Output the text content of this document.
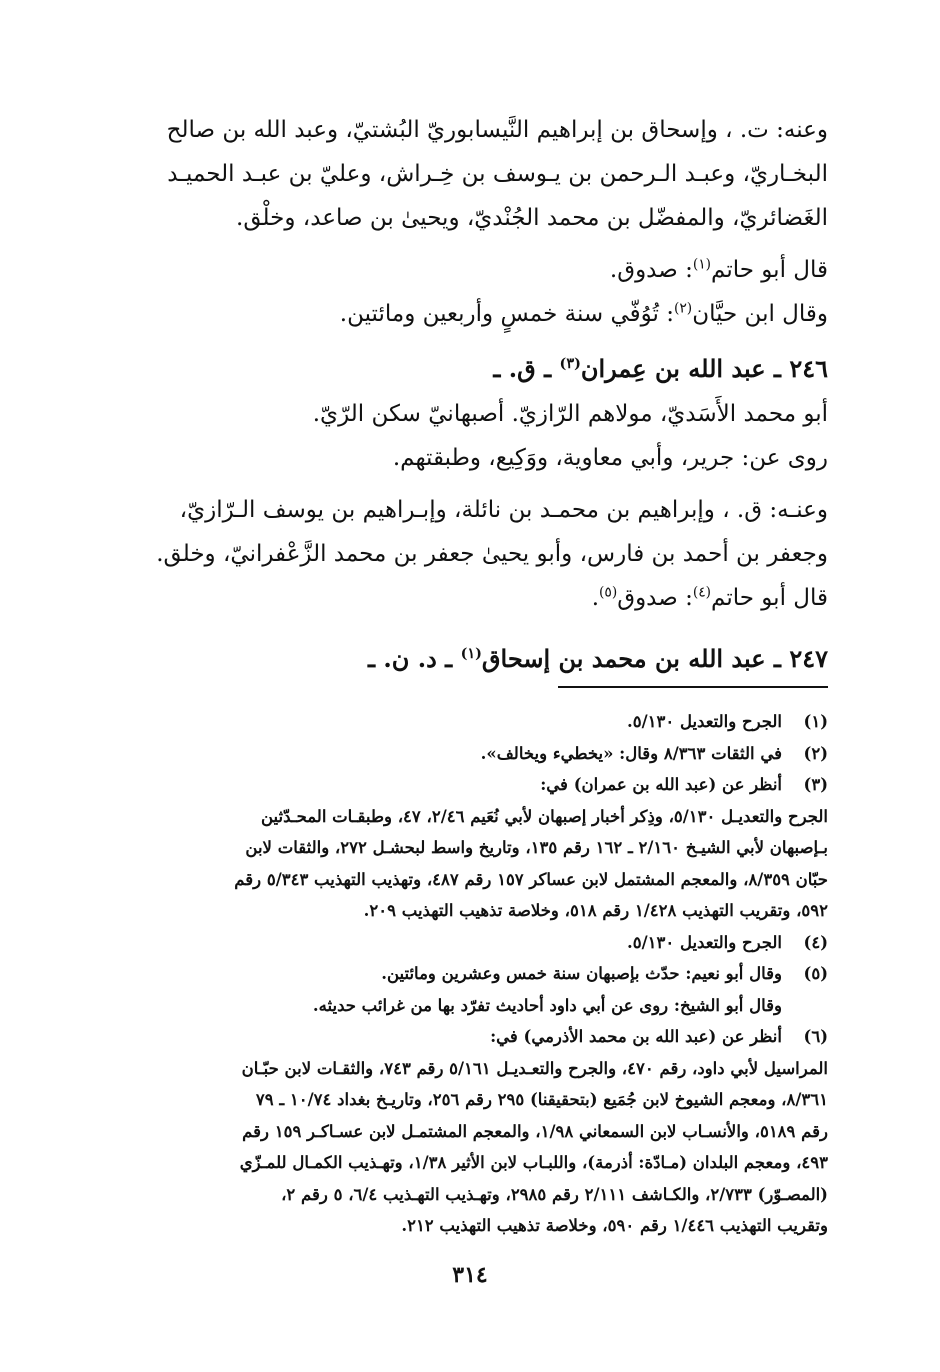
وعنه: ت. ، وإسحاق بن إبراهيم النَّيسابوريّ البُشتيّ، وعبد الله بن صالح
البخـاريّ، وعبـد الـرحمن بن يـوسف بن خِـراش، وعليّ بن عبـد الحميـد
الغَضائريّ، والمفضّل بن محمد الجُنْديّ، ويحيىٰ بن صاعد، وخلْق.

قال أبو حاتم$^{(١)}$: صدوق.

وقال ابن حيَّان$^{(٢)}$: تُوُفّي سنة خمسٍ وأربعين ومائتين.

٢٤٦ ـ عبد الله بن عِمران$^{(٣)}$ ـ ق. ـ

أبو محمد الأَسَديّ، مولاهم الرّازيّ. أصبهانيّ سكن الرّيّ.

روى عن: جرير، وأبي معاوية، ووَكِيع، وطبقتهم.

وعنـه: ق. ، وإبراهيم بن محمـد بن نائلة، وإبـراهيم بن يوسف الـرّازيّ،
وجعفر بن أحمد بن فارس، وأبو يحيىٰ جعفر بن محمد الزَّعْفرانيّ، وخلق.

قال أبو حاتم$^{(٤)}$: صدوق$^{(٥)}$.

٢٤٧ ـ عبد الله بن محمد بن إسحاق$^{(١)}$ ـ د. ن. ـ

(١)
الجرح والتعديل ٥/١٣٠.
(٢)
في الثقات ٨/٣٦٣ وقال: «يخطيء ويخالف».
(٣)
أنظر عن (عبد الله بن عمران) في:

الجرح والتعديـل ٥/١٣٠، وذِكر أخبار إصبهان لأبي نُعَيم ٢/٤٦، ٤٧، وطبقـات المحـدّثين

بـإصبهان لأبي الشيـخ ٢/١٦٠ ـ ١٦٢ رقم ١٣٥، وتاريخ واسط لبحشـل ٢٧٢، والثقات لابن

حبّان ٨/٣٥٩، والمعجم المشتمل لابن عساكر ١٥٧ رقم ٤٨٧، وتهذيب التهذيب ٥/٣٤٣ رقم

٥٩٢، وتقريب التهذيب ١/٤٢٨ رقم ٥١٨، وخلاصة تذهيب التهذيب ٢٠٩.

(٤)
الجرح والتعديل ٥/١٣٠.
(٥)
وقال أبو نعيم: حدّث بإصبهان سنة خمس وعشرين ومائتين.

وقال أبو الشيخ: روى عن أبي داود أحاديث تفرّد بها من غرائب حديثه.

(٦)
أنظر عن (عبد الله بن محمد الأذرمي) في:

المراسيل لأبي داود، رقم ٤٧٠، والجرح والتعـديـل ٥/١٦١ رقم ٧٤٣، والثقـات لابن حبّـان

٨/٣٦١، ومعجم الشيوخ لابن جُمَيع (بتحقيقنا) ٢٩٥ رقم ٢٥٦، وتاريـخ بغداد ١٠/٧٤ ـ ٧٩

رقم ٥١٨٩، والأنسـاب لابن السمعاني ١/٩٨، والمعجم المشتمـل لابن عسـاكـر ١٥٩ رقم

٤٩٣، ومعجم البلدان (مـادّة: أذرمة)، واللبـاب لابن الأثير ١/٣٨، وتهـذيب الكمـال للمـزّي

(المصـوّر) ٢/٧٣٣، والكـاشف ٢/١١١ رقم ٢٩٨٥، وتهـذيب التهـذيب ٦/٤، ٥ رقم ٢،

وتقريب التهذيب ١/٤٤٦ رقم ٥٩٠، وخلاصة تذهيب التهذيب ٢١٢.

٣١٤
